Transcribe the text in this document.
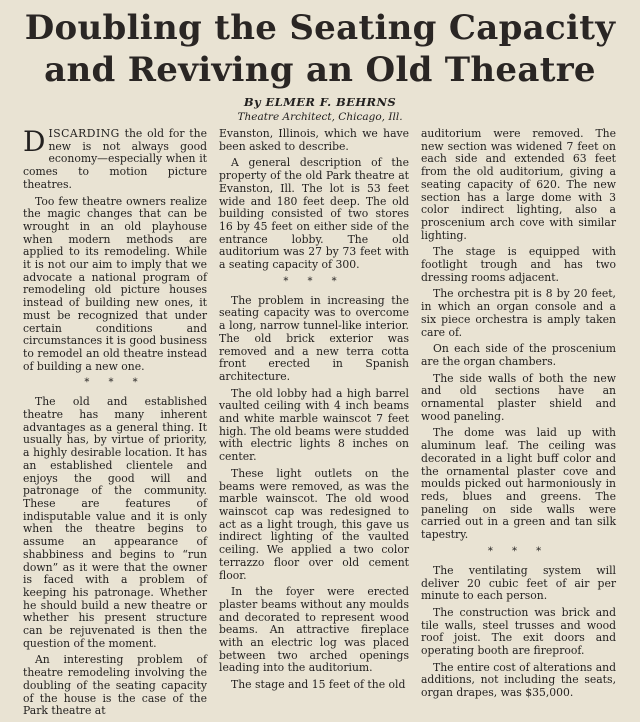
Doubling the Seating Capacity
and Reviving an Old Theatre
By ELMER F. BEHRNS
Theatre Architect, Chicago, Ill.

DISCARDING the old for the new is not always good economy—especially when it comes to motion picture theatres.

Too few theatre owners realize the magic changes that can be wrought in an old playhouse when modern methods are applied to its remodeling. While it is not our aim to imply that we advocate a national program of remodeling old picture houses instead of building new ones, it must be recognized that under certain conditions and circumstances it is good business to remodel an old theatre instead of building a new one.

* * *

The old and established theatre has many inherent advantages as a general thing. It usually has, by virtue of priority, a highly desirable location. It has an established clientele and enjoys the good will and patronage of the community. These are features of indisputable value and it is only when the theatre begins to assume an appearance of shabbiness and begins to “run down” as it were that the owner is faced with a problem of keeping his patronage. Whether he should build a new theatre or whether his present structure can be rejuvenated is then the question of the moment.

An interesting problem of theatre remodeling involving the doubling of the seating capacity of the house is the case of the Park theatre at

Evanston, Illinois, which we have been asked to describe.

A general description of the property of the old Park theatre at Evanston, Ill. The lot is 53 feet wide and 180 feet deep. The old building consisted of two stores 16 by 45 feet on either side of the entrance lobby. The old auditorium was 27 by 73 feet with a seating capacity of 300.

* * *

The problem in increasing the seating capacity was to overcome a long, narrow tunnel-like interior. The old brick exterior was removed and a new terra cotta front erected in Spanish architecture.

The old lobby had a high barrel vaulted ceiling with 4 inch beams and white marble wainscot 7 feet high. The old beams were studded with electric lights 8 inches on center.

These light outlets on the beams were removed, as was the marble wainscot. The old wood wainscot cap was redesigned to act as a light trough, this gave us indirect lighting of the vaulted ceiling. We applied a two color terrazzo floor over old cement floor.

In the foyer were erected plaster beams without any moulds and decorated to represent wood beams. An attractive fireplace with an electric log was placed between two arched openings leading into the auditorium.

The stage and 15 feet of the old

auditorium were removed. The new section was widened 7 feet on each side and extended 63 feet from the old auditorium, giving a seating capacity of 620. The new section has a large dome with 3 color indirect lighting, also a proscenium arch cove with similar lighting.

The stage is equipped with footlight trough and has two dressing rooms adjacent.

The orchestra pit is 8 by 20 feet, in which an organ console and a six piece orchestra is amply taken care of.

On each side of the proscenium are the organ chambers.

The side walls of both the new and old sections have an ornamental plaster shield and wood paneling.

The dome was laid up with aluminum leaf. The ceiling was decorated in a light buff color and the ornamental plaster cove and moulds picked out harmoniously in reds, blues and greens. The paneling on side walls were carried out in a green and tan silk tapestry.

* * *

The ventilating system will deliver 20 cubic feet of air per minute to each person.

The construction was brick and tile walls, steel trusses and wood roof joist. The exit doors and operating booth are fireproof.

The entire cost of alterations and additions, not including the seats, organ drapes, was $35,000.
